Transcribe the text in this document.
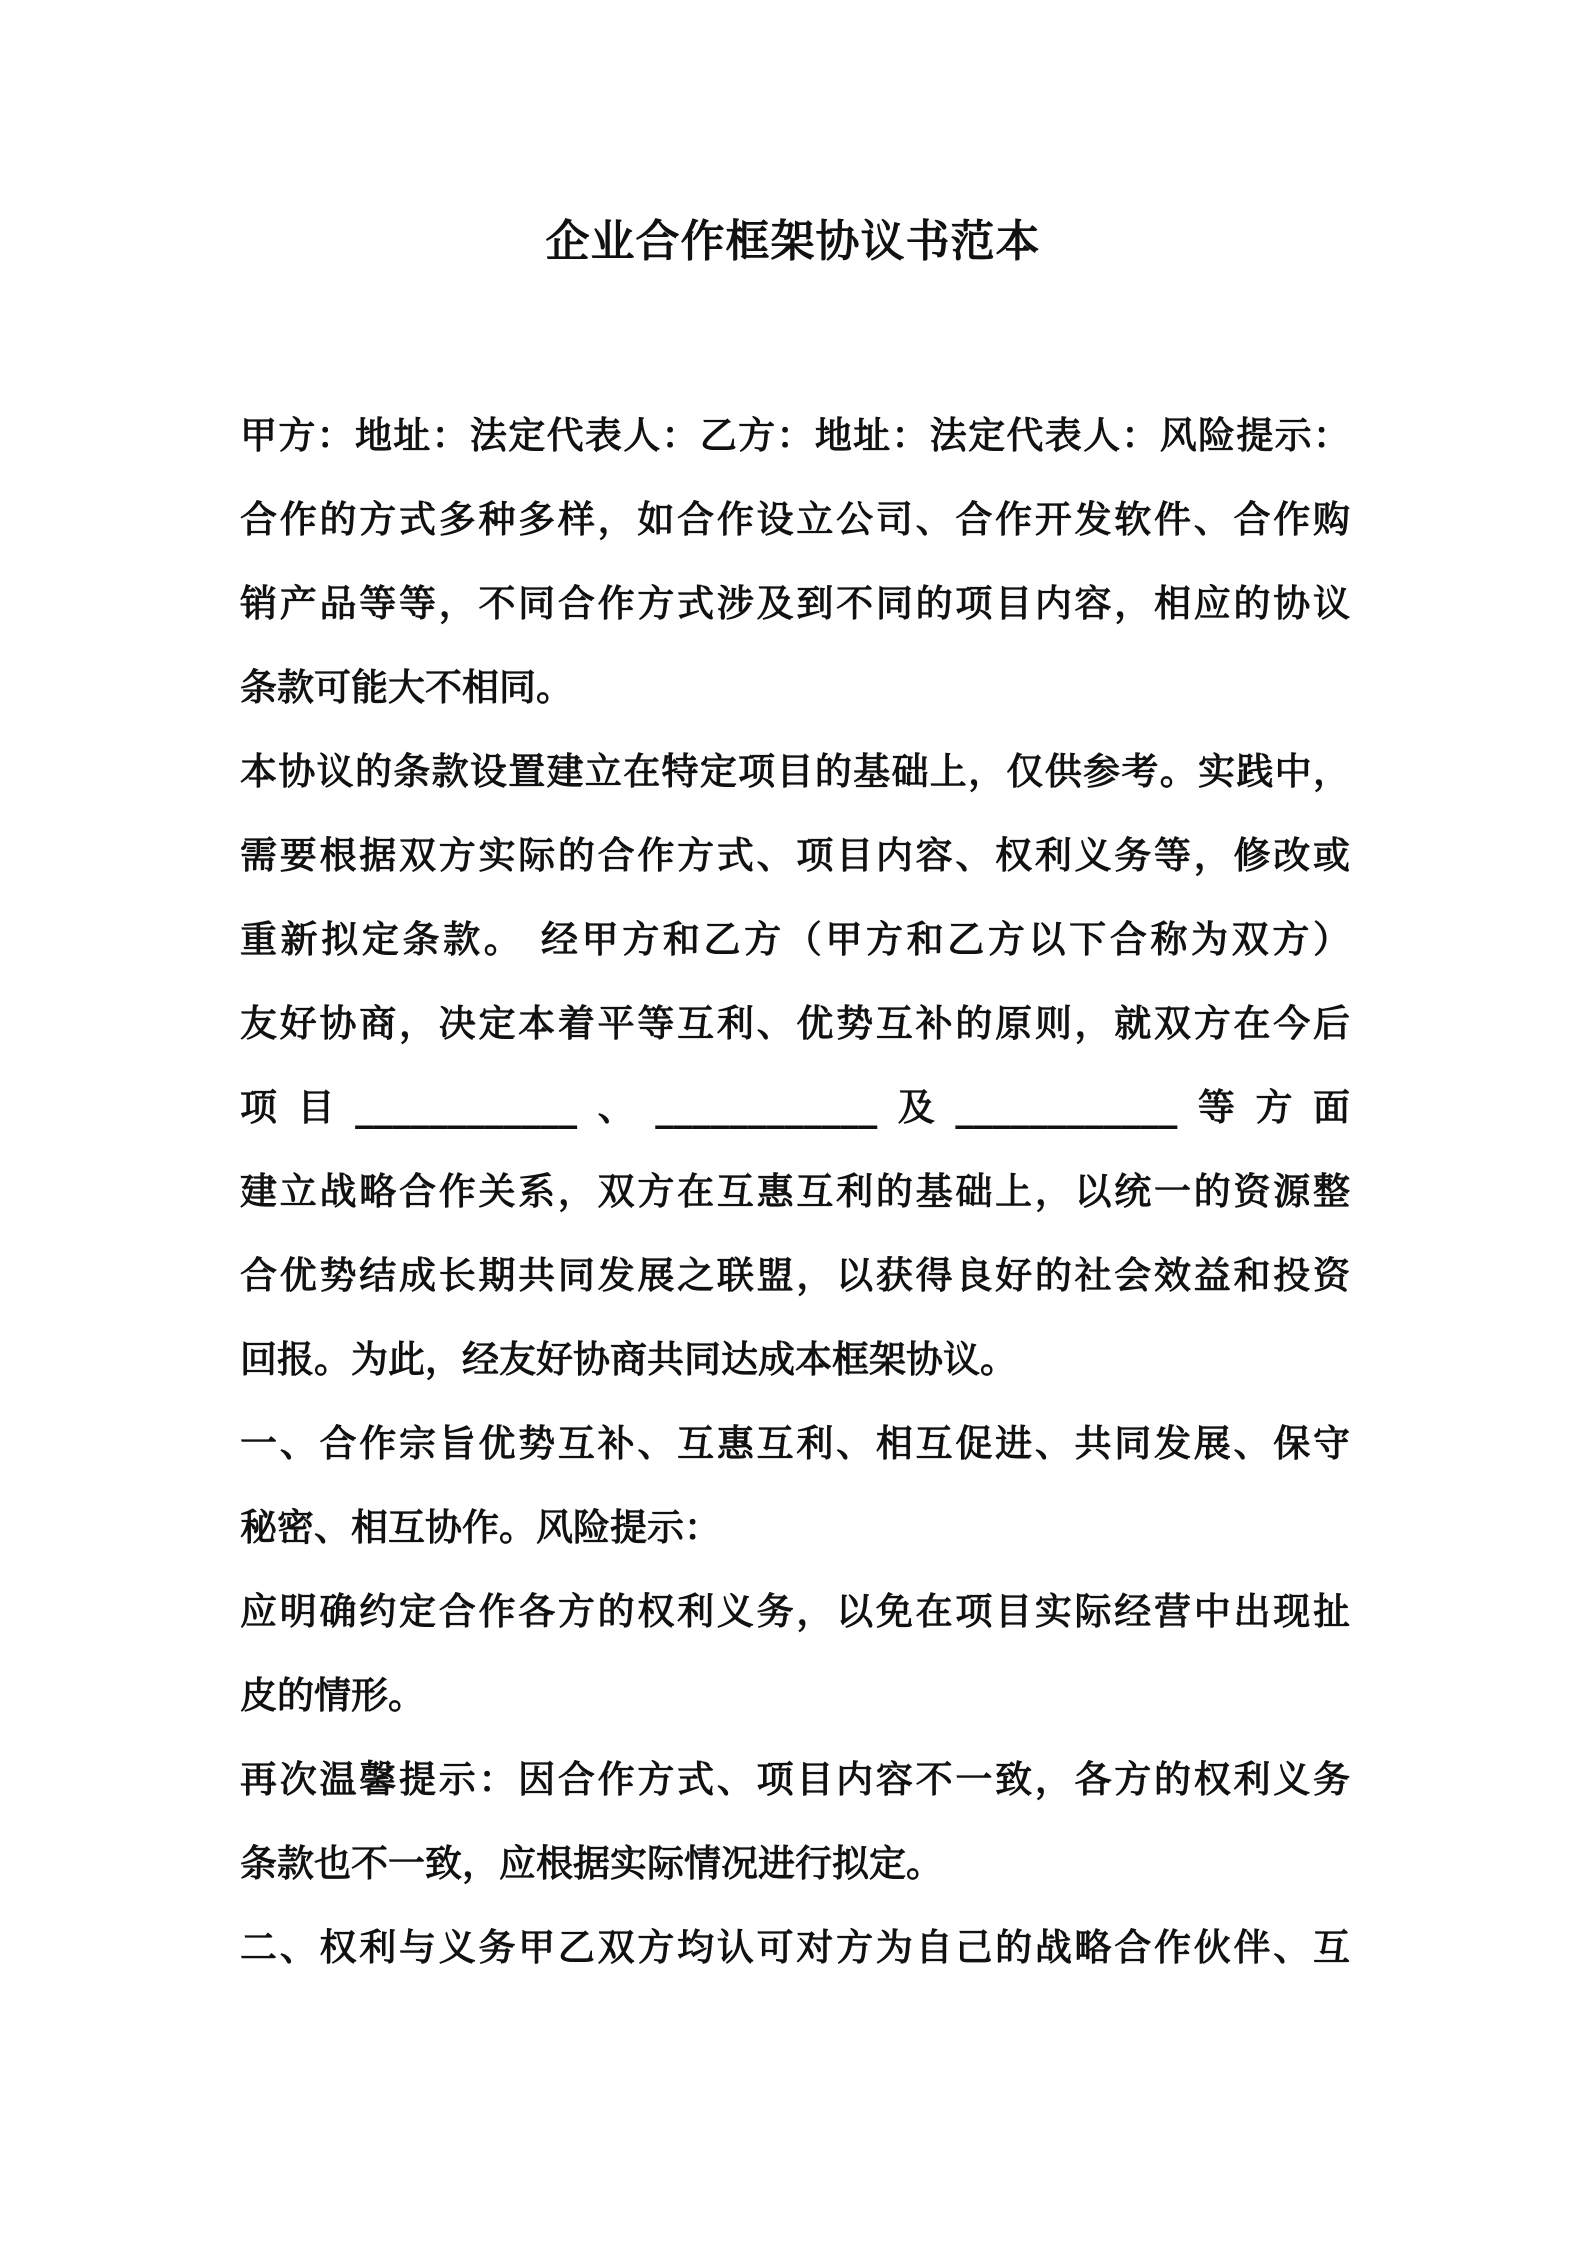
企业合作框架协议书范本
甲方：地址：法定代表人：乙方：地址：法定代表人：风险提示：
合作的方式多种多样，如合作设立公司、合作开发软件、合作购
销产品等等，不同合作方式涉及到不同的项目内容，相应的协议
条款可能大不相同。
本协议的条款设置建立在特定项目的基础上，仅供参考。实践中，
需要根据双方实际的合作方式、项目内容、权利义务等，修改或
重新拟定条款。 经甲方和乙方（甲方和乙方以下合称为双方）
友好协商，决定本着平等互利、优势互补的原则，就双方在今后
项目____________、____________及____________等方面
建立战略合作关系，双方在互惠互利的基础上，以统一的资源整
合优势结成长期共同发展之联盟，以获得良好的社会效益和投资
回报。为此，经友好协商共同达成本框架协议。
一、合作宗旨优势互补、互惠互利、相互促进、共同发展、保守
秘密、相互协作。风险提示：
应明确约定合作各方的权利义务，以免在项目实际经营中出现扯
皮的情形。
再次温馨提示：因合作方式、项目内容不一致，各方的权利义务
条款也不一致，应根据实际情况进行拟定。
二、权利与义务甲乙双方均认可对方为自己的战略合作伙伴、互
